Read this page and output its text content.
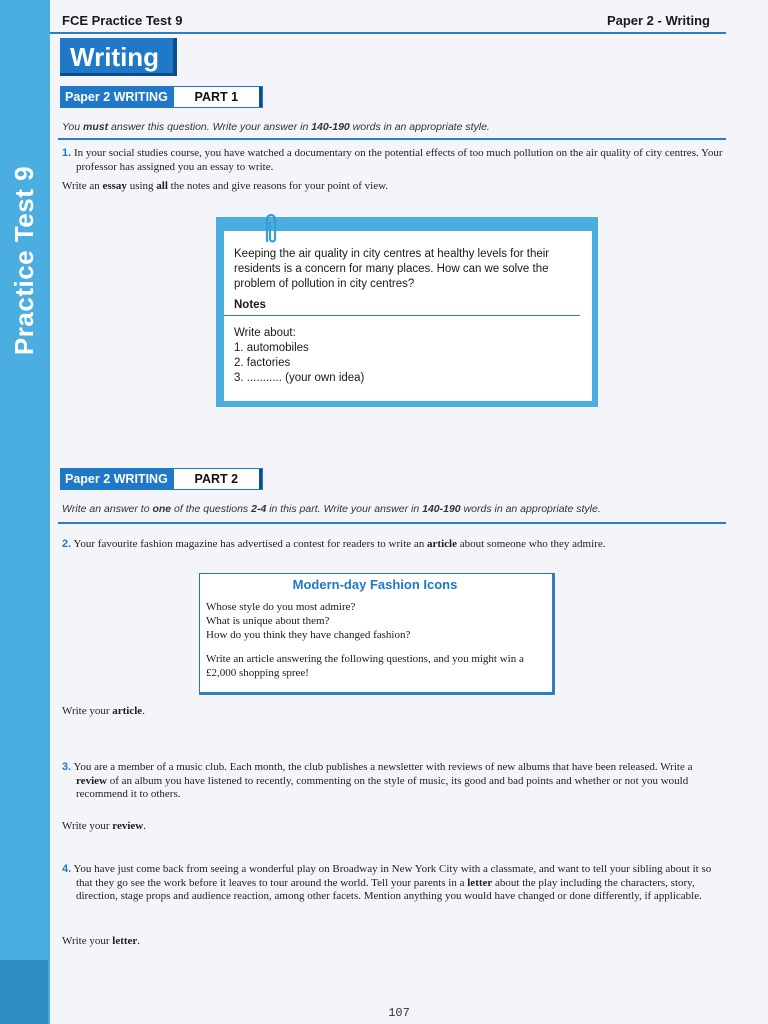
Practice Test 9
FCE Practice Test 9	Paper 2 - Writing
Writing
Paper 2 WRITING	PART 1
You must answer this question. Write your answer in 140-190 words in an appropriate style.
1. In your social studies course, you have watched a documentary on the potential effects of too much pollution on the air quality of city centres. Your professor has assigned you an essay to write.
Write an essay using all the notes and give reasons for your point of view.
Keeping the air quality in city centres at healthy levels for their residents is a concern for many places. How can we solve the problem of pollution in city centres?
Notes
Write about:
1. automobiles
2. factories
3. ........... (your own idea)
Paper 2 WRITING	PART 2
Write an answer to one of the questions 2-4 in this part. Write your answer in 140-190 words in an appropriate style.
2. Your favourite fashion magazine has advertised a contest for readers to write an article about someone who they admire.
Modern-day Fashion Icons
Whose style do you most admire?
What is unique about them?
How do you think they have changed fashion?
Write an article answering the following questions, and you might win a £2,000 shopping spree!
Write your article.
3. You are a member of a music club. Each month, the club publishes a newsletter with reviews of new albums that have been released. Write a review of an album you have listened to recently, commenting on the style of music, its good and bad points and whether or not you would recommend it to others.
Write your review.
4. You have just come back from seeing a wonderful play on Broadway in New York City with a classmate, and want to tell your sibling about it so that they go see the work before it leaves to tour around the world. Tell your parents in a letter about the play including the characters, story, direction, stage props and audience reaction, among other facets. Mention anything you would have changed or done differently, if applicable.
Write your letter.
107
